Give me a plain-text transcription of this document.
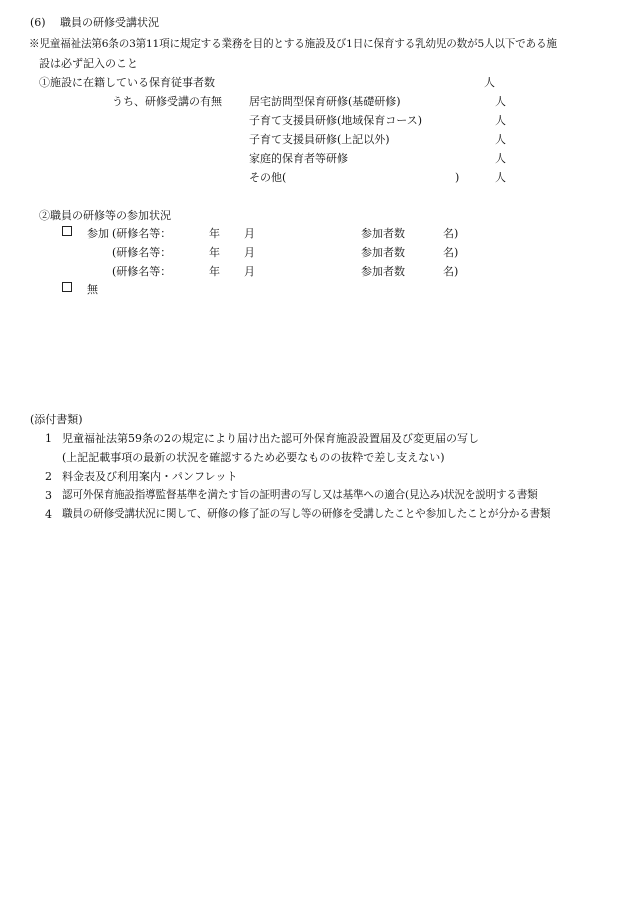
(6) 職員の研修受講状況
※児童福祉法第6条の3第11項に規定する業務を目的とする施設及び1日に保育する乳幼児の数が5人以下である施
設は必ず記入のこと
①施設に在籍している保育従事者数	人
うち、研修受講の有無 居宅訪問型保育研修(基礎研修)	人
子育て支援員研修(地域保育コース)	人
子育て支援員研修(上記以外)	人
家庭的保育者等研修	人
その他(	)	人
②職員の研修等の参加状況
参加 (研修名等：	年 月	参加者数	名)
(研修名等：	年 月	参加者数	名)
(研修名等：	年 月	参加者数	名)
無
(添付書類)
1 児童福祉法第59条の2の規定により届け出た認可外保育施設設置届及び変更届の写し
(上記記載事項の最新の状況を確認するため必要なものの抜粋で差し支えない)
2 料金表及び利用案内・パンフレット
3 認可外保育施設指導監督基準を満たす旨の証明書の写し又は基準への適合(見込み)状況を説明する書類
4 職員の研修受講状況に関して、研修の修了証の写し等の研修を受講したことや参加したことが分かる書類
